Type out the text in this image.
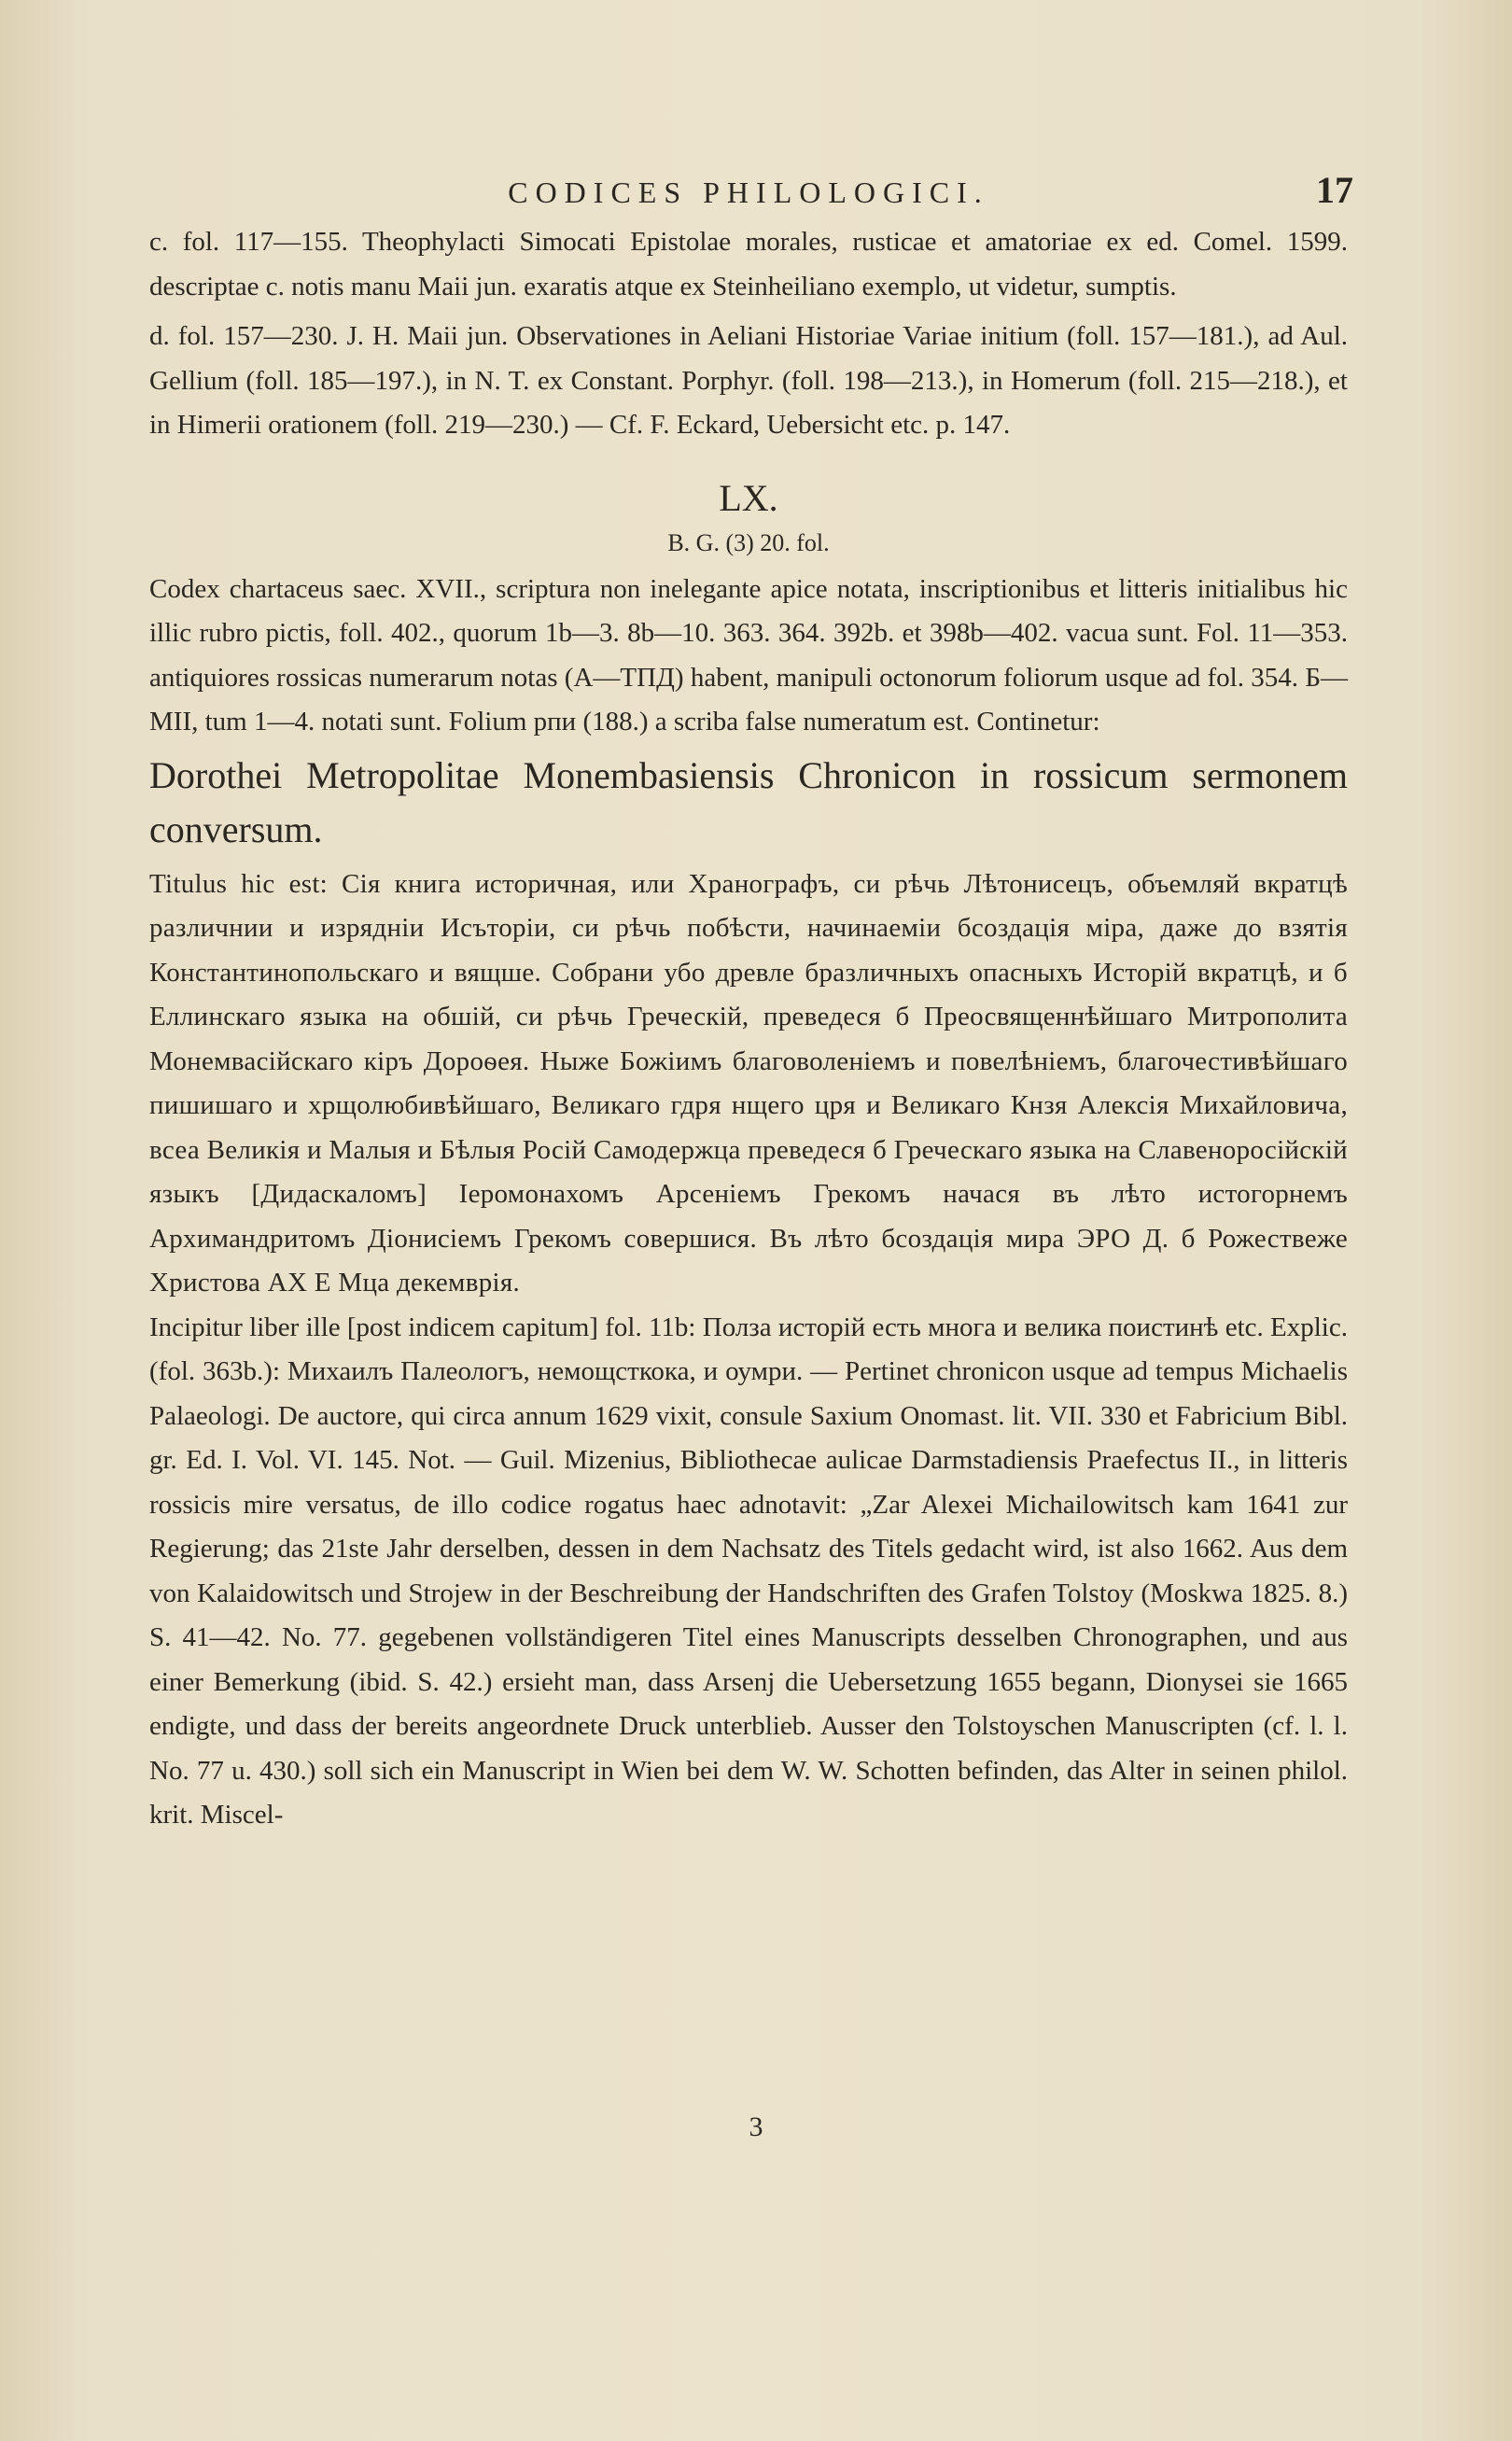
CODICES PHILOLOGICI.	17

c. fol. 117—155. Theophylacti Simocati Epistolae morales, rusticae et amatoriae ex ed. Comel. 1599. descriptae c. notis manu Maii jun. exaratis atque ex Steinheiliano exemplo, ut videtur, sumptis.

d. fol. 157—230. J. H. Maii jun. Observationes in Aeliani Historiae Variae initium (foll. 157—181.), ad Aul. Gellium (foll. 185—197.), in N. T. ex Constant. Porphyr. (foll. 198—213.), in Homerum (foll. 215—218.), et in Himerii orationem (foll. 219—230.) — Cf. F. Eckard, Uebersicht etc. p. 147.

LX.
B. G. (3) 20. fol.

Codex chartaceus saec. XVII., scriptura non inelegante apice notata, inscriptionibus et litteris initialibus hic illic rubro pictis, foll. 402., quorum 1b—3. 8b—10. 363. 364. 392b. et 398b—402. vacua sunt. Fol. 11—353. antiquiores rossicas numerarum notas (А—ТПД) habent, manipuli octonorum foliorum usque ad fol. 354. Б—МІІ, tum 1—4. notati sunt. Folium рпи (188.) a scriba false numeratum est. Continetur:

Dorothei Metropolitae Monembasiensis Chronicon in rossicum sermonem conversum.

Titulus hic est: Сія книга историчная, или Хранографъ, си рѣчь Лѣтонисецъ, объемляй вкратцѣ различнии и изрядніи Исъторіи, си рѣчь побѣсти, начинаеміи бсоздація міра, даже до взятія Константинопольскаго и вящше. Собрани убо древле бразличныхъ опасныхъ Исторій вкратцѣ, и б Еллинскаго языка на обшій, си рѣчь Греческій, преведеся б Преосвященнѣйшаго Митрополита Монемвасійскаго кіръ Дороѳея. Ныже Божіимъ благоволеніемъ и повелѣніемъ, благочестивѣйшаго пишишаго и хрщолюбивѣйшаго, Великаго гдря нщего цря и Великаго Кнзя Алексія Михайловича, всеа Великія и Малыя и Бѣлыя Росій Самодержца преведеся б Греческаго языка на Славеноросійскій языкъ [Дидаскаломъ] Іеромонахомъ Арсеніемъ Грекомъ начася въ лѣто истогорнемъ Архимандритомъ Діонисіемъ Грекомъ совершися. Въ лѣто бсоздація мира ЭРО Д. б Рожествеже Христова АХ Е Мца декемврія.

Incipitur liber ille [post indicem capitum] fol. 11b: Полза исторій есть многа и велика поистинѣ etc. Explic. (fol. 363b.): Михаилъ Палеологъ, немощсткока, и оумри. — Pertinet chronicon usque ad tempus Michaelis Palaeologi. De auctore, qui circa annum 1629 vixit, consule Saxium Onomast. lit. VII. 330 et Fabricium Bibl. gr. Ed. I. Vol. VI. 145. Not. — Guil. Mizenius, Bibliothecae aulicae Darmstadiensis Praefectus II., in litteris rossicis mire versatus, de illo codice rogatus haec adnotavit: „Zar Alexei Michailowitsch kam 1641 zur Regierung; das 21ste Jahr derselben, dessen in dem Nachsatz des Titels gedacht wird, ist also 1662. Aus dem von Kalaidowitsch und Strojew in der Beschreibung der Handschriften des Grafen Tolstoy (Moskwa 1825. 8.) S. 41—42. No. 77. gegebenen vollständigeren Titel eines Manuscripts desselben Chronographen, und aus einer Bemerkung (ibid. S. 42.) ersieht man, dass Arsenj die Uebersetzung 1655 begann, Dionysei sie 1665 endigte, und dass der bereits angeordnete Druck unterblieb. Ausser den Tolstoyschen Manuscripten (cf. l. l. No. 77 u. 430.) soll sich ein Manuscript in Wien bei dem W. W. Schotten befinden, das Alter in seinen philol. krit. Miscel-

3
